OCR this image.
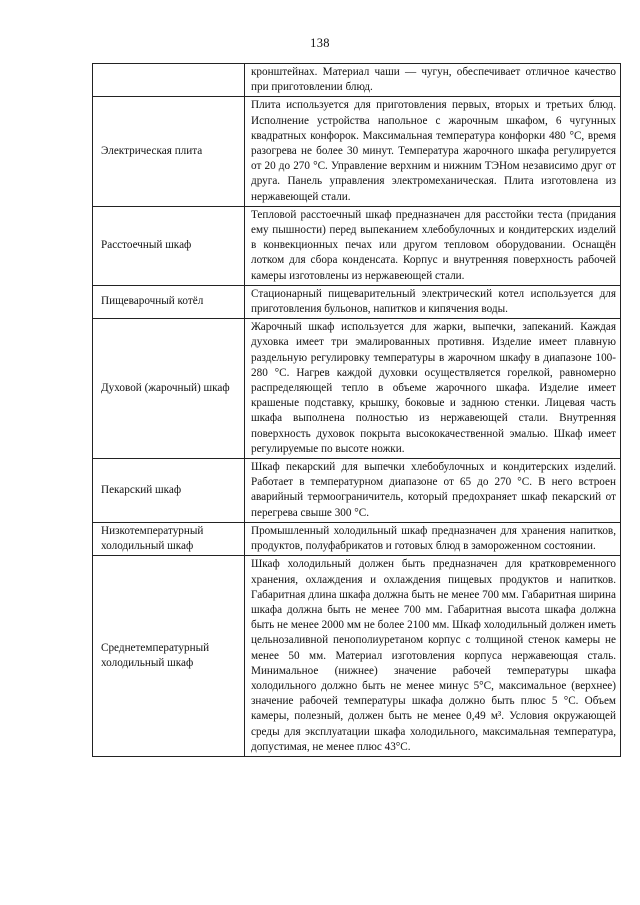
138
	кронштейнах. Материал чаши — чугун, обеспечивает отличное качество при приготовлении блюд.
Электрическая плита	Плита используется для приготовления первых, вторых и третьих блюд. Исполнение устройства напольное с жарочным шкафом, 6 чугунных квадратных конфорок. Максимальная температура конфорки 480 °С, время разогрева не более 30 минут. Температура жарочного шкафа регулируется от 20 до 270 °С. Управление верхним и нижним ТЭНом независимо друг от друга. Панель управления электромеханическая. Плита изготовлена из нержавеющей стали.
Расстоечный шкаф	Тепловой расстоечный шкаф предназначен для расстойки теста (придания ему пышности) перед выпеканием хлебобулочных и кондитерских изделий в конвекционных печах или другом тепловом оборудовании. Оснащён лотком для сбора конденсата. Корпус и внутренняя поверхность рабочей камеры изготовлены из нержавеющей стали.
Пищеварочный котёл	Стационарный пищеварительный электрический котел используется для приготовления бульонов, напитков и кипячения воды.
Духовой (жарочный) шкаф	Жарочный шкаф используется для жарки, выпечки, запеканий. Каждая духовка имеет три эмалированных противня. Изделие имеет плавную раздельную регулировку температуры в жарочном шкафу в диапазоне 100-280 °С. Нагрев каждой духовки осуществляется горелкой, равномерно распределяющей тепло в объеме жарочного шкафа. Изделие имеет крашеные подставку, крышку, боковые и заднюю стенки. Лицевая часть шкафа выполнена полностью из нержавеющей стали. Внутренняя поверхность духовок покрыта высококачественной эмалью. Шкаф имеет регулируемые по высоте ножки.
Пекарский шкаф	Шкаф пекарский для выпечки хлебобулочных и кондитерских изделий. Работает в температурном диапазоне от 65 до 270 °С. В него встроен аварийный термоограничитель, который предохраняет шкаф пекарский от перегрева свыше 300 °С.
Низкотемпературный холодильный шкаф	Промышленный холодильный шкаф предназначен для хранения напитков, продуктов, полуфабрикатов и готовых блюд в замороженном состоянии.
Среднетемпературный холодильный шкаф	Шкаф холодильный должен быть предназначен для кратковременного хранения, охлаждения и охлаждения пищевых продуктов и напитков. Габаритная длина шкафа должна быть не менее 700 мм. Габаритная ширина шкафа должна быть не менее 700 мм. Габаритная высота шкафа должна быть не менее 2000 мм не более 2100 мм. Шкаф холодильный должен иметь цельнозаливной пенополиуретаном корпус с толщиной стенок камеры не менее 50 мм. Материал изготовления корпуса нержавеющая сталь. Минимальное (нижнее) значение рабочей температуры шкафа холодильного должно быть не менее минус 5°С, максимальное (верхнее) значение рабочей температуры шкафа должно быть плюс 5 °С. Объем камеры, полезный, должен быть не менее 0,49 м³. Условия окружающей среды для эксплуатации шкафа холодильного, максимальная температура, допустимая, не менее плюс 43°С.
